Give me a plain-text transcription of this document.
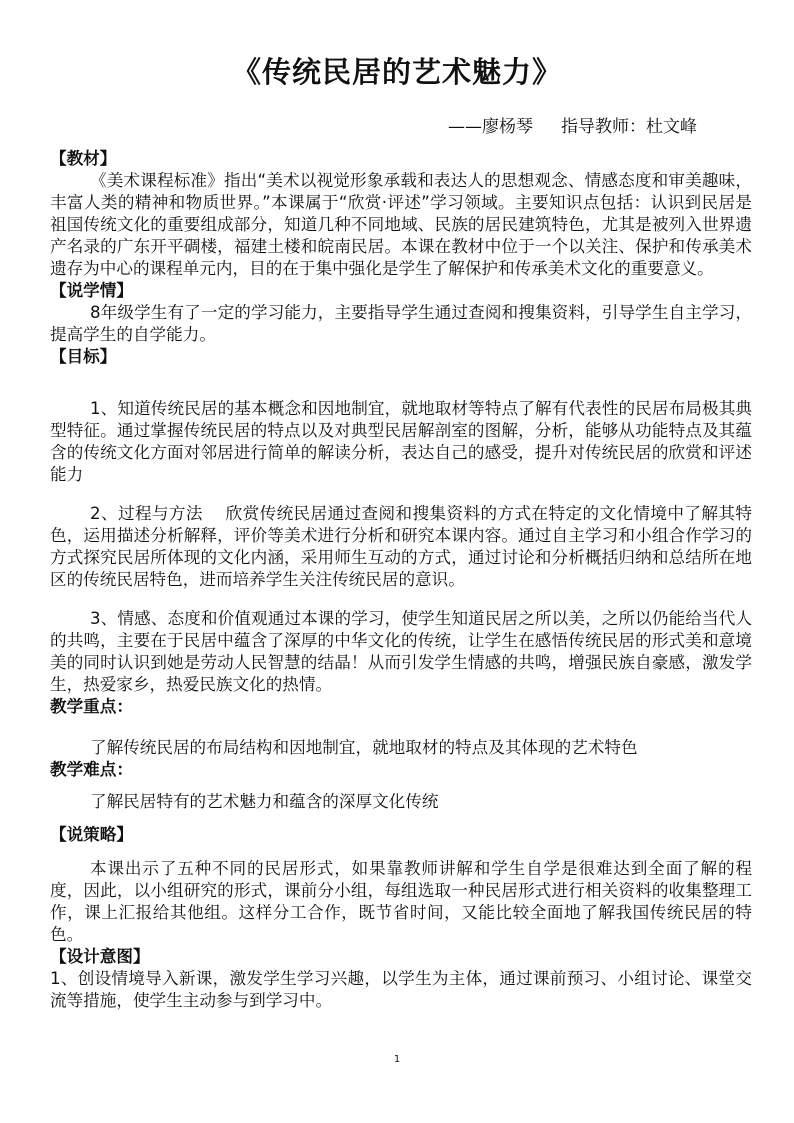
《传统民居的艺术魅力》
——廖杨琴 指导教师：杜文峰
【教材】
《美术课程标准》指出“美术以视觉形象承载和表达人的思想观念、情感态度和审美趣味，丰富人类的精神和物质世界。”本课属于“欣赏·评述”学习领域。主要知识点包括：认识到民居是祖国传统文化的重要组成部分，知道几种不同地域、民族的居民建筑特色，尤其是被列入世界遗产名录的广东开平碉楼，福建土楼和皖南民居。本课在教材中位于一个以关注、保护和传承美术遗存为中心的课程单元内，目的在于集中强化是学生了解保护和传承美术文化的重要意义。
【说学情】
8年级学生有了一定的学习能力，主要指导学生通过查阅和搜集资料，引导学生自主学习，提高学生的自学能力。
【目标】
1、知道传统民居的基本概念和因地制宜，就地取材等特点了解有代表性的民居布局极其典型特征。通过掌握传统民居的特点以及对典型民居解剖室的图解，分析，能够从功能特点及其蕴含的传统文化方面对邻居进行简单的解读分析，表达自己的感受，提升对传统民居的欣赏和评述能力
2、过程与方法　 欣赏传统民居通过查阅和搜集资料的方式在特定的文化情境中了解其特色，运用描述分析解释，评价等美术进行分析和研究本课内容。通过自主学习和小组合作学习的方式探究民居所体现的文化内涵，采用师生互动的方式，通过讨论和分析概括归纳和总结所在地区的传统民居特色，进而培养学生关注传统民居的意识。
3、情感、态度和价值观通过本课的学习，使学生知道民居之所以美，之所以仍能给当代人的共鸣，主要在于民居中蕴含了深厚的中华文化的传统，让学生在感悟传统民居的形式美和意境美的同时认识到她是劳动人民智慧的结晶！从而引发学生情感的共鸣，增强民族自豪感，激发学生，热爱家乡，热爱民族文化的热情。
教学重点：
了解传统民居的布局结构和因地制宜，就地取材的特点及其体现的艺术特色
教学难点：
了解民居特有的艺术魅力和蕴含的深厚文化传统
【说策略】
本课出示了五种不同的民居形式，如果靠教师讲解和学生自学是很难达到全面了解的程度，因此，以小组研究的形式，课前分小组，每组选取一种民居形式进行相关资料的收集整理工作，课上汇报给其他组。这样分工合作，既节省时间，又能比较全面地了解我国传统民居的特色。
【设计意图】
1、创设情境导入新课，激发学生学习兴趣，以学生为主体，通过课前预习、小组讨论、课堂交流等措施，使学生主动参与到学习中。
1
